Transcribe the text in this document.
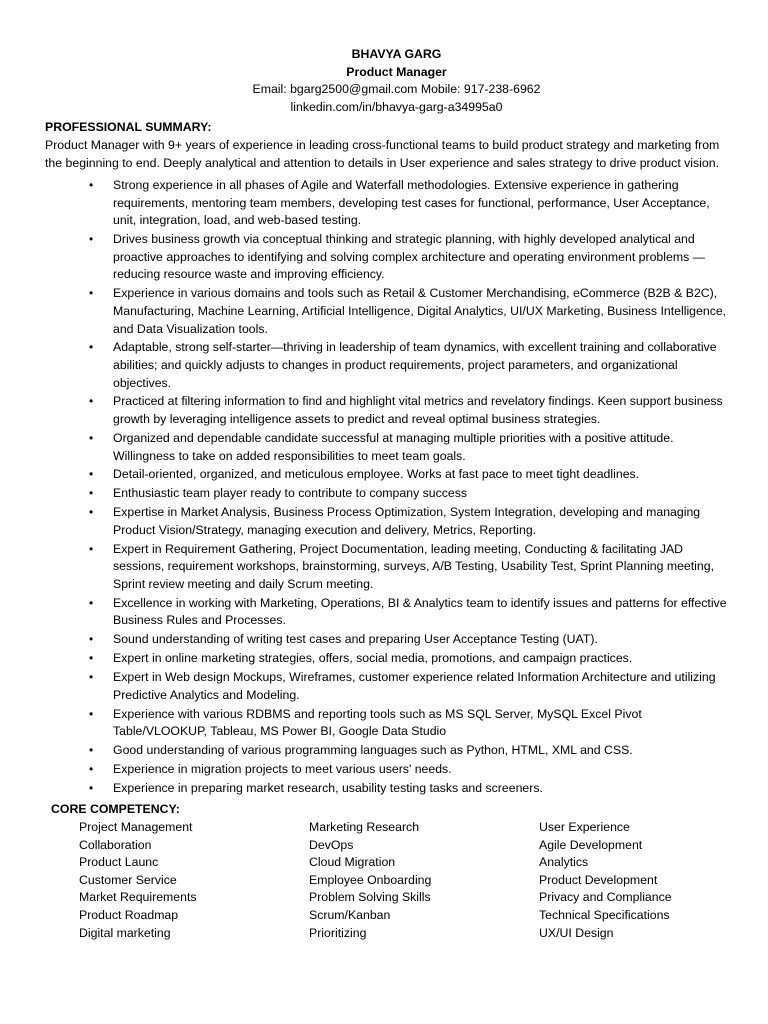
BHAVYA GARG
Product Manager
Email: bgarg2500@gmail.com Mobile: 917-238-6962
linkedin.com/in/bhavya-garg-a34995a0
PROFESSIONAL SUMMARY:

Product Manager with 9+ years of experience in leading cross-functional teams to build product strategy and marketing from the beginning to end. Deeply analytical and attention to details in User experience and sales strategy to drive product vision.

• Strong experience in all phases of Agile and Waterfall methodologies. Extensive experience in gathering requirements, mentoring team members, developing test cases for functional, performance, User Acceptance, unit, integration, load, and web-based testing.
• Drives business growth via conceptual thinking and strategic planning, with highly developed analytical and proactive approaches to identifying and solving complex architecture and operating environment problems —reducing resource waste and improving efficiency.
• Experience in various domains and tools such as Retail & Customer Merchandising, eCommerce (B2B & B2C), Manufacturing, Machine Learning, Artificial Intelligence, Digital Analytics, UI/UX Marketing, Business Intelligence, and Data Visualization tools.
• Adaptable, strong self-starter—thriving in leadership of team dynamics, with excellent training and collaborative abilities; and quickly adjusts to changes in product requirements, project parameters, and organizational objectives.
• Practiced at filtering information to find and highlight vital metrics and revelatory findings. Keen support business growth by leveraging intelligence assets to predict and reveal optimal business strategies.
• Organized and dependable candidate successful at managing multiple priorities with a positive attitude. Willingness to take on added responsibilities to meet team goals.
• Detail-oriented, organized, and meticulous employee. Works at fast pace to meet tight deadlines.
• Enthusiastic team player ready to contribute to company success
• Expertise in Market Analysis, Business Process Optimization, System Integration, developing and managing Product Vision/Strategy, managing execution and delivery, Metrics, Reporting.
• Expert in Requirement Gathering, Project Documentation, leading meeting, Conducting & facilitating JAD sessions, requirement workshops, brainstorming, surveys, A/B Testing, Usability Test, Sprint Planning meeting, Sprint review meeting and daily Scrum meeting.
• Excellence in working with Marketing, Operations, BI & Analytics team to identify issues and patterns for effective Business Rules and Processes.
• Sound understanding of writing test cases and preparing User Acceptance Testing (UAT).
• Expert in online marketing strategies, offers, social media, promotions, and campaign practices.
• Expert in Web design Mockups, Wireframes, customer experience related Information Architecture and utilizing Predictive Analytics and Modeling.
• Experience with various RDBMS and reporting tools such as MS SQL Server, MySQL Excel Pivot Table/VLOOKUP, Tableau, MS Power BI, Google Data Studio
• Good understanding of various programming languages such as Python, HTML, XML and CSS.
• Experience in migration projects to meet various users' needs.
• Experience in preparing market research, usability testing tasks and screeners.
CORE COMPETENCY:
Project Management	Marketing Research	User Experience
Collaboration	DevOps	Agile Development
Product Launc	Cloud Migration	Analytics
Customer Service	Employee Onboarding	Product Development
Market Requirements	Problem Solving Skills	Privacy and Compliance
Product Roadmap	Scrum/Kanban	Technical Specifications
Digital marketing	Prioritizing	UX/UI Design
